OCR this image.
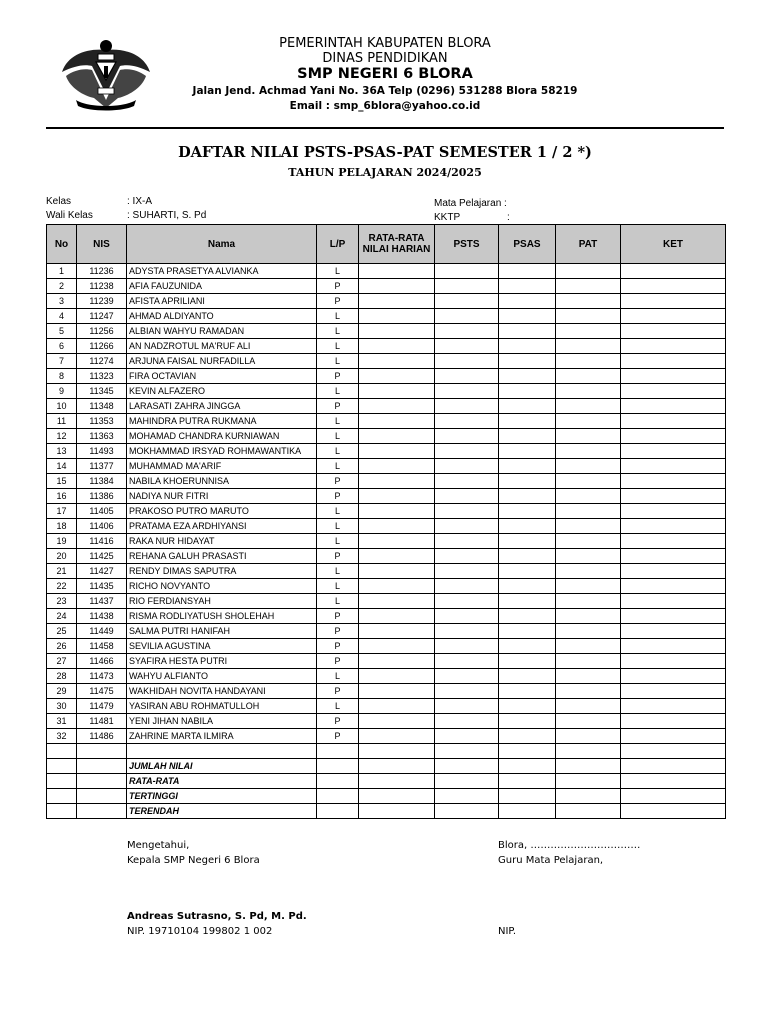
PEMERINTAH KABUPATEN BLORA
DINAS PENDIDIKAN
SMP NEGERI 6 BLORA
Jalan Jend. Achmad Yani No. 36A Telp (0296) 531288 Blora 58219
Email : smp_6blora@yahoo.co.id
DAFTAR NILAI PSTS-PSAS-PAT SEMESTER 1 / 2 *)
TAHUN PELAJARAN 2024/2025
Kelas	: IX-A
Wali Kelas	: SUHARTI, S. Pd
Mata Pelajaran :
KKTP	:
No	NIS	Nama	L/P	RATA-RATA NILAI HARIAN	PSTS	PSAS	PAT	KET
1	11236	ADYSTA PRASETYA ALVIANKA	L					
2	11238	AFIA FAUZUNIDA	P					
3	11239	AFISTA APRILIANI	P					
4	11247	AHMAD ALDIYANTO	L					
5	11256	ALBIAN WAHYU RAMADAN	L					
6	11266	AN NADZROTUL MA'RUF ALI	L					
7	11274	ARJUNA FAISAL NURFADILLA	L					
8	11323	FIRA OCTAVIAN	P					
9	11345	KEVIN ALFAZERO	L					
10	11348	LARASATI ZAHRA JINGGA	P					
11	11353	MAHINDRA PUTRA RUKMANA	L					
12	11363	MOHAMAD CHANDRA KURNIAWAN	L					
13	11493	MOKHAMMAD IRSYAD ROHMAWANTIKA	L					
14	11377	MUHAMMAD MA'ARIF	L					
15	11384	NABILA KHOERUNNISA	P					
16	11386	NADIYA NUR FITRI	P					
17	11405	PRAKOSO PUTRO MARUTO	L					
18	11406	PRATAMA EZA ARDHIYANSI	L					
19	11416	RAKA NUR HIDAYAT	L					
20	11425	REHANA GALUH PRASASTI	P					
21	11427	RENDY DIMAS SAPUTRA	L					
22	11435	RICHO NOVYANTO	L					
23	11437	RIO FERDIANSYAH	L					
24	11438	RISMA RODLIYATUSH SHOLEHAH	P					
25	11449	SALMA PUTRI HANIFAH	P					
26	11458	SEVILIA AGUSTINA	P					
27	11466	SYAFIRA HESTA PUTRI	P					
28	11473	WAHYU ALFIANTO	L					
29	11475	WAKHIDAH NOVITA HANDAYANI	P					
30	11479	YASIRAN ABU ROHMATULLOH	L					
31	11481	YENI JIHAN NABILA	P					
32	11486	ZAHRINE MARTA ILMIRA	P					

		JUMLAH NILAI						
		RATA-RATA						
		TERTINGGI						
		TERENDAH						
Mengetahui,
Kepala SMP Negeri 6 Blora
Andreas Sutrasno, S. Pd, M. Pd.
NIP. 19710104 199802 1 002
Blora, ……………………………
Guru Mata Pelajaran,
NIP.
